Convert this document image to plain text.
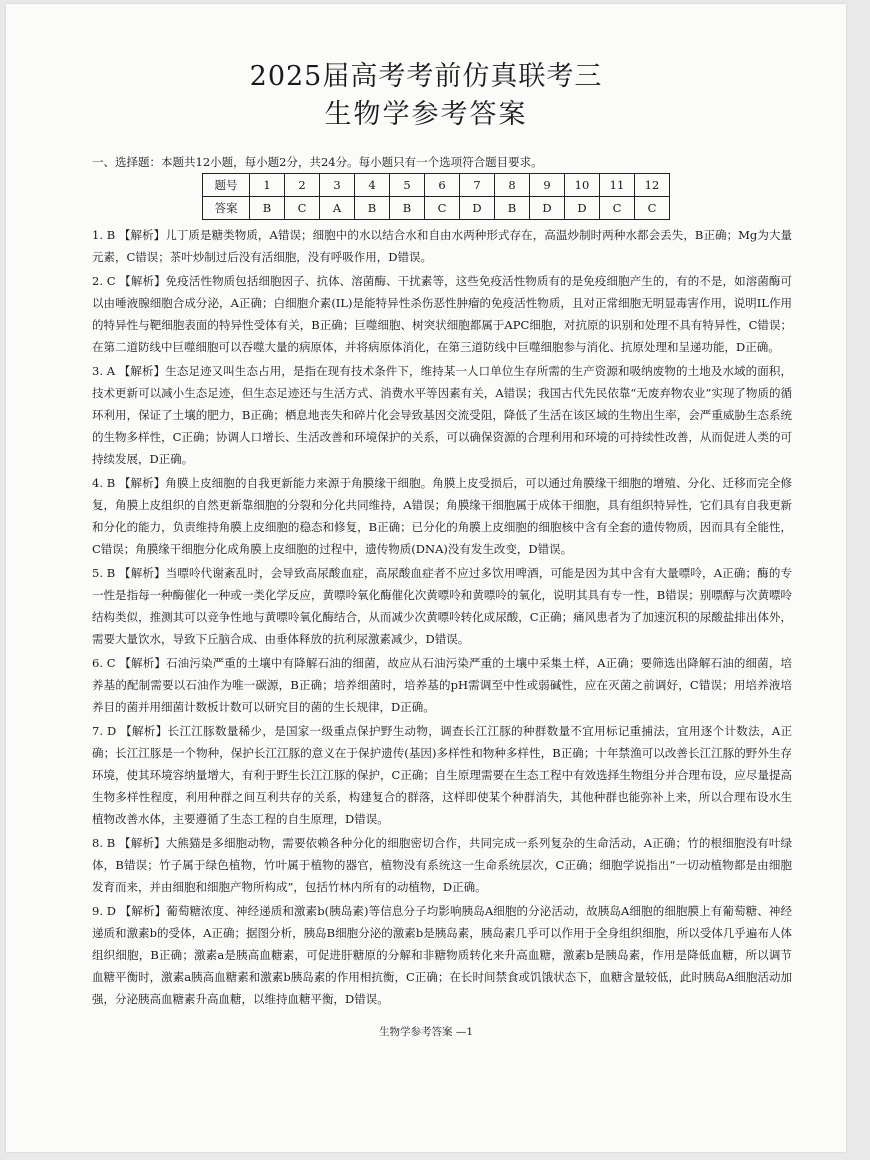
2025届高考考前仿真联考三
生物学参考答案
一、选择题：本题共12小题，每小题2分，共24分。每小题只有一个选项符合题目要求。
题号	1	2	3	4	5	6	7	8	9	10	11	12
答案	B	C	A	B	B	C	D	B	D	D	C	C
1. B 【解析】儿丁质是糖类物质，A错误；细胞中的水以结合水和自由水两种形式存在，高温炒制时两种水都会丢失，B正确；Mg为大量元素，C错误；茶叶炒制过后没有活细胞，没有呼吸作用，D错误。
2. C 【解析】免疫活性物质包括细胞因子、抗体、溶菌酶、干扰素等，这些免疫活性物质有的是免疫细胞产生的，有的不是，如溶菌酶可以由唾液腺细胞合成分泌，A正确；白细胞介素(IL)是能特异性杀伤恶性肿瘤的免疫活性物质，且对正常细胞无明显毒害作用，说明IL作用的特异性与靶细胞表面的特异性受体有关，B正确；巨噬细胞、树突状细胞都属于APC细胞，对抗原的识别和处理不具有特异性，C错误；在第二道防线中巨噬细胞可以吞噬大量的病原体，并将病原体消化，在第三道防线中巨噬细胞参与消化、抗原处理和呈递功能，D正确。
3. A 【解析】生态足迹又叫生态占用，是指在现有技术条件下，维持某一人口单位生存所需的生产资源和吸纳废物的土地及水域的面积，技术更新可以减小生态足迹，但生态足迹还与生活方式、消费水平等因素有关，A错误；我国古代先民依靠“无废弃物农业”实现了物质的循环利用，保证了土壤的肥力，B正确；栖息地丧失和碎片化会导致基因交流受阻，降低了生活在该区域的生物出生率，会严重威胁生态系统的生物多样性，C正确；协调人口增长、生活改善和环境保护的关系，可以确保资源的合理利用和环境的可持续性改善，从而促进人类的可持续发展，D正确。
4. B 【解析】角膜上皮细胞的自我更新能力来源于角膜缘干细胞。角膜上皮受损后，可以通过角膜缘干细胞的增殖、分化、迁移而完全修复，角膜上皮组织的自然更新靠细胞的分裂和分化共同维持，A错误；角膜缘干细胞属于成体干细胞，具有组织特异性，它们具有自我更新和分化的能力，负责维持角膜上皮细胞的稳态和修复，B正确；已分化的角膜上皮细胞的细胞核中含有全套的遗传物质，因而具有全能性，C错误；角膜缘干细胞分化成角膜上皮细胞的过程中，遗传物质(DNA)没有发生改变，D错误。
5. B 【解析】当嘌呤代谢紊乱时，会导致高尿酸血症，高尿酸血症者不应过多饮用啤酒，可能是因为其中含有大量嘌呤，A正确；酶的专一性是指每一种酶催化一种或一类化学反应，黄嘌呤氧化酶催化次黄嘌呤和黄嘌呤的氧化，说明其具有专一性，B错误；别嘌醇与次黄嘌呤结构类似，推测其可以竞争性地与黄嘌呤氧化酶结合，从而减少次黄嘌呤转化成尿酸，C正确；痛风患者为了加速沉积的尿酸盐排出体外，需要大量饮水，导致下丘脑合成、由垂体释放的抗利尿激素减少，D错误。
6. C 【解析】石油污染严重的土壤中有降解石油的细菌，故应从石油污染严重的土壤中采集土样，A正确；要筛选出降解石油的细菌，培养基的配制需要以石油作为唯一碳源，B正确；培养细菌时，培养基的pH需调至中性或弱碱性，应在灭菌之前调好，C错误；用培养液培养目的菌并用细菌计数板计数可以研究目的菌的生长规律，D正确。
7. D 【解析】长江江豚数量稀少，是国家一级重点保护野生动物，调查长江江豚的种群数量不宜用标记重捕法，宜用逐个计数法，A正确；长江江豚是一个物种，保护长江江豚的意义在于保护遗传(基因)多样性和物种多样性，B正确；十年禁渔可以改善长江江豚的野外生存环境，使其环境容纳量增大，有利于野生长江江豚的保护，C正确；自生原理需要在生态工程中有效选择生物组分并合理布设，应尽量提高生物多样性程度，利用种群之间互利共存的关系，构建复合的群落，这样即使某个种群消失，其他种群也能弥补上来，所以合理布设水生植物改善水体，主要遵循了生态工程的自生原理，D错误。
8. B 【解析】大熊猫是多细胞动物，需要依赖各种分化的细胞密切合作，共同完成一系列复杂的生命活动，A正确；竹的根细胞没有叶绿体，B错误；竹子属于绿色植物，竹叶属于植物的器官，植物没有系统这一生命系统层次，C正确；细胞学说指出“一切动植物都是由细胞发育而来，并由细胞和细胞产物所构成”，包括竹林内所有的动植物，D正确。
9. D 【解析】葡萄糖浓度、神经递质和激素b(胰岛素)等信息分子均影响胰岛A细胞的分泌活动，故胰岛A细胞的细胞膜上有葡萄糖、神经递质和激素b的受体，A正确；据图分析，胰岛B细胞分泌的激素b是胰岛素，胰岛素几乎可以作用于全身组织细胞，所以受体几乎遍布人体组织细胞，B正确；激素a是胰高血糖素，可促进肝糖原的分解和非糖物质转化来升高血糖，激素b是胰岛素，作用是降低血糖，所以调节血糖平衡时，激素a胰高血糖素和激素b胰岛素的作用相抗衡，C正确；在长时间禁食或饥饿状态下，血糖含量较低，此时胰岛A细胞活动加强，分泌胰高血糖素升高血糖，以维持血糖平衡，D错误。
生物学参考答案 —1
